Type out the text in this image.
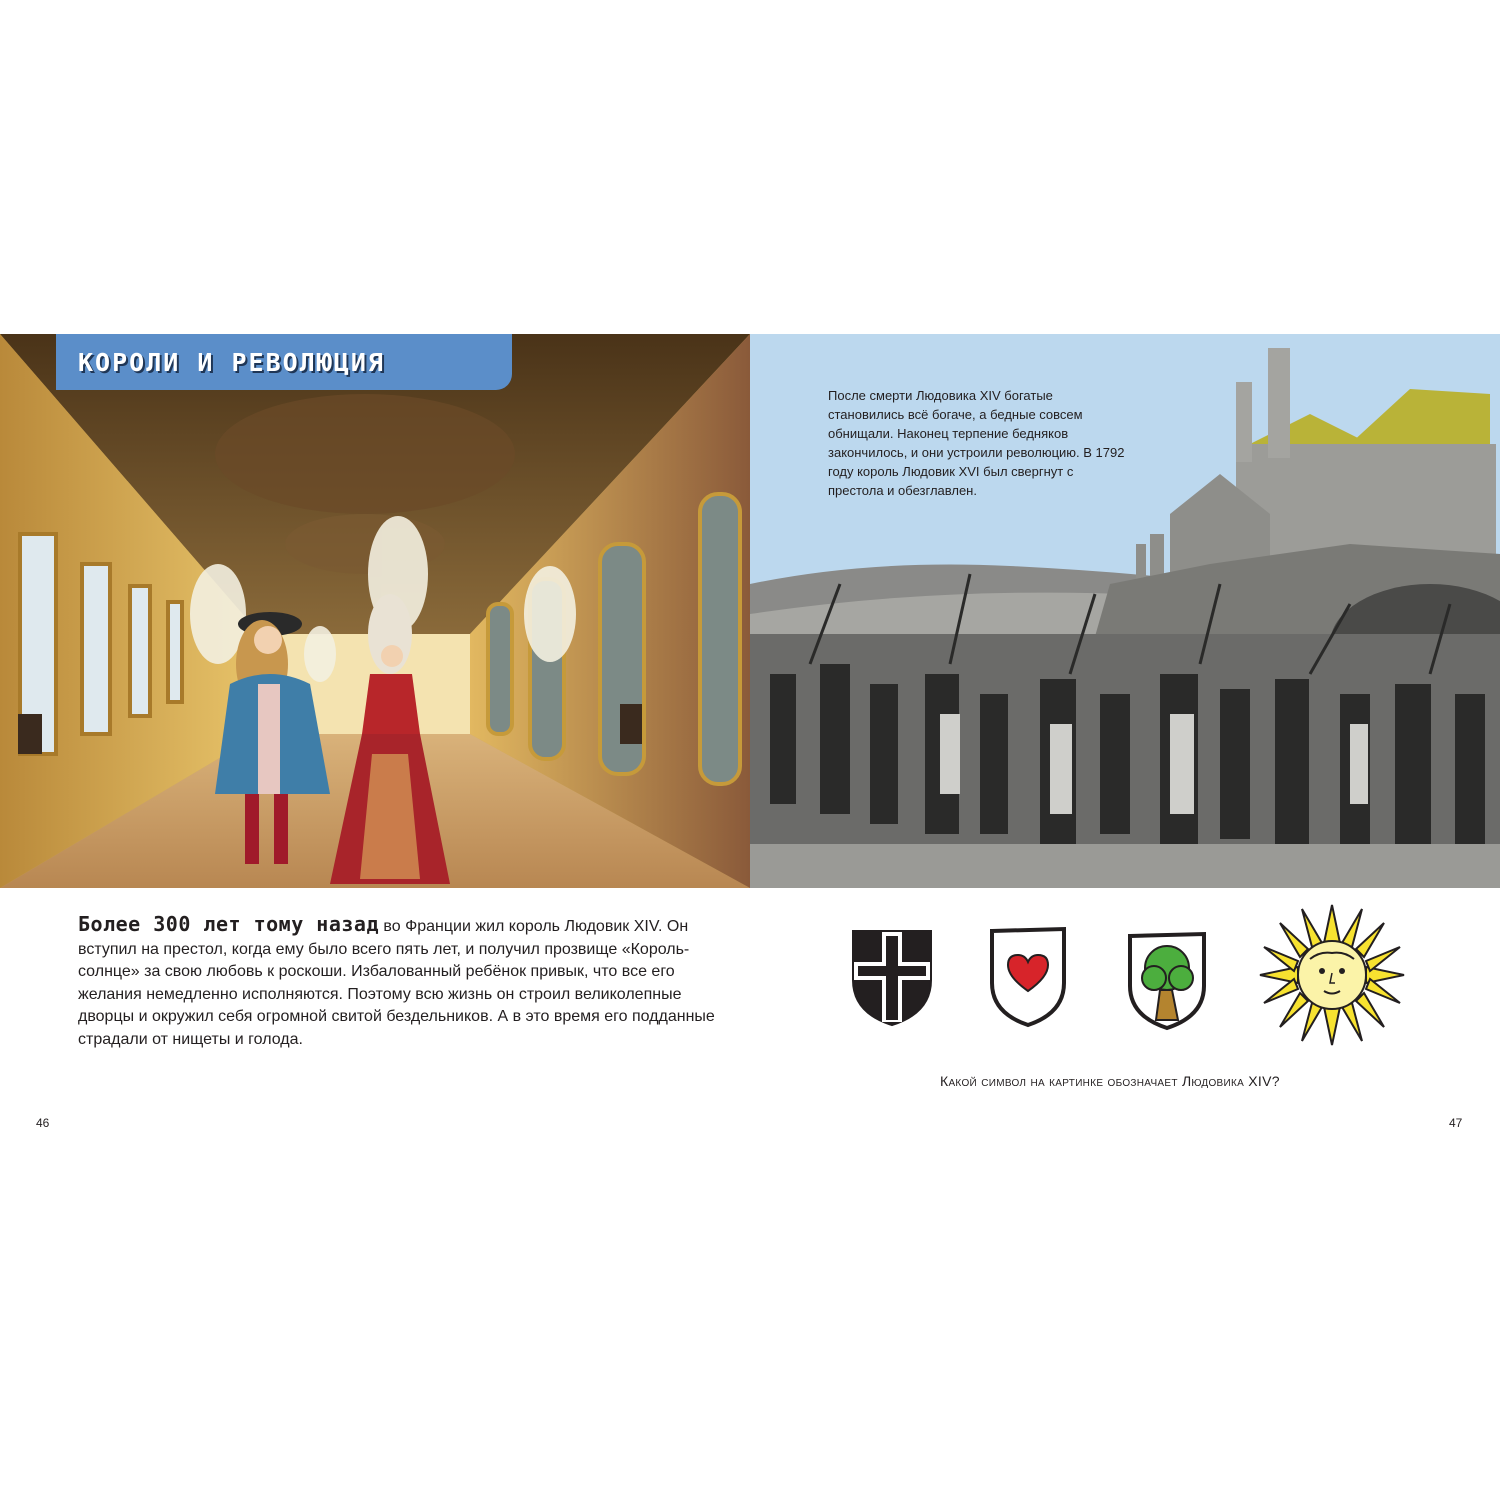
КОРОЛИ И РЕВОЛЮЦИЯ
После смерти Людовика XIV богатые становились всё богаче, а бедные совсем обнищали. Наконец терпение бедняков закончилось, и они устроили революцию. В 1792 году король Людовик XVI был свергнут с престола и обезглавлен.
Более 300 лет тому назад во Франции жил король Людовик XIV. Он вступил на престол, когда ему было всего пять лет, и получил прозвище «Король-солнце» за свою любовь к роскоши. Избалованный ребёнок привык, что все его желания немедленно исполняются. Поэтому всю жизнь он строил великолепные дворцы и окружил себя огромной свитой бездельников. А в это время его подданные страдали от нищеты и голода.
Какой символ на картинке обозначает Людовика XIV?
46	47
